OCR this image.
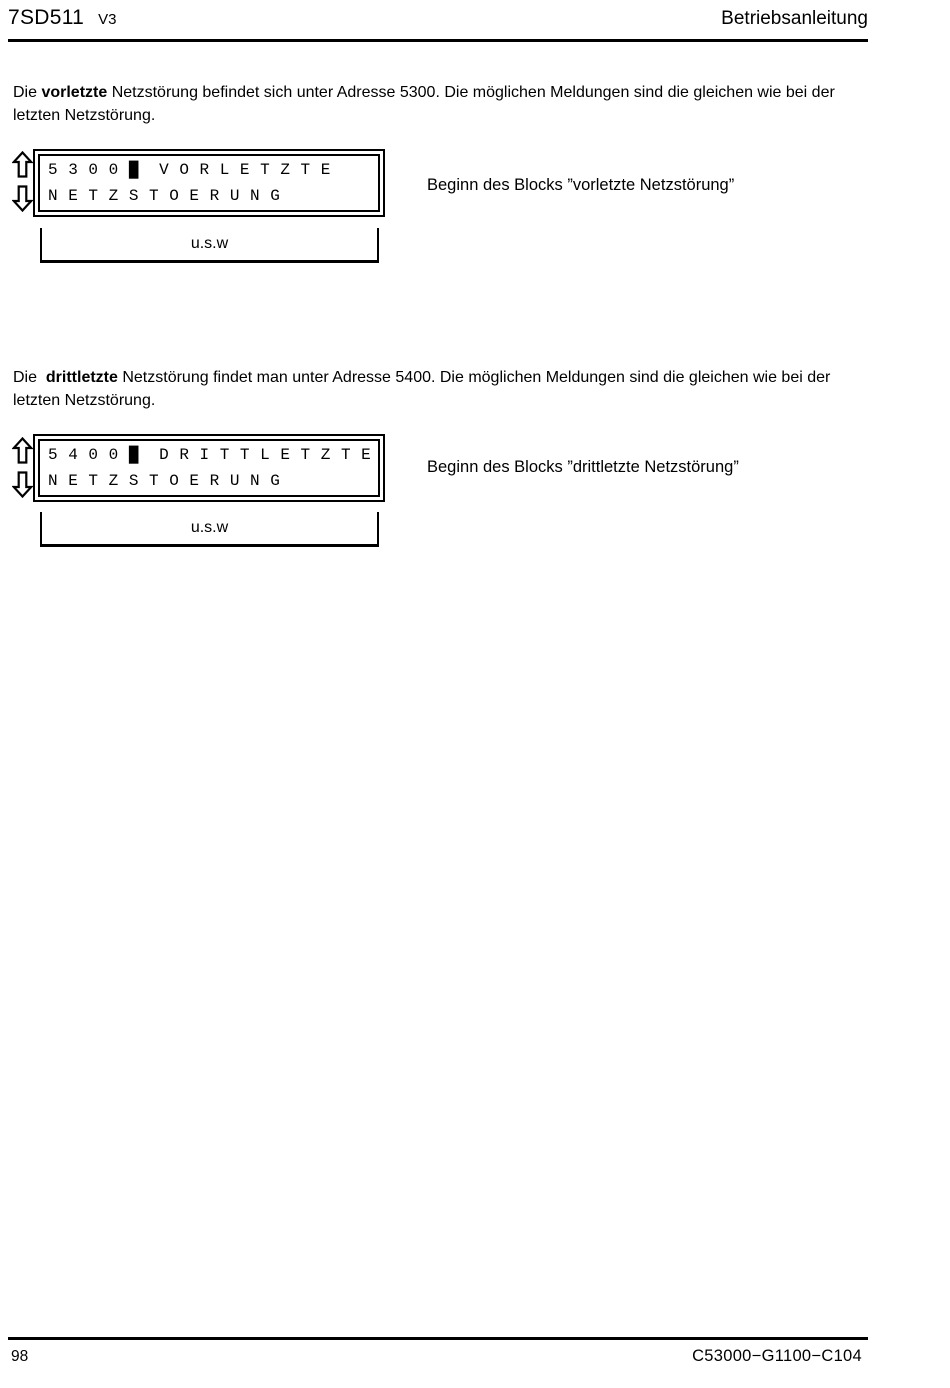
7SD511 V3	Betriebsanleitung

Die vorletzte Netzstörung befindet sich unter Adresse 5300. Die möglichen Meldungen sind die gleichen wie bei der letzten Netzstörung.

5 3 0 0 █  V O R L E T Z T E
N E T Z S T O E R U N G
u.s.w
Beginn des Blocks ”vorletzte Netzstörung”

Die  drittletzte Netzstörung findet man unter Adresse 5400. Die möglichen Meldungen sind die gleichen wie bei der letzten Netzstörung.

5 4 0 0 █  D R I T T L E T Z T E
N E T Z S T O E R U N G
u.s.w
Beginn des Blocks ”drittletzte Netzstörung”
98	C53000−G1100−C104
